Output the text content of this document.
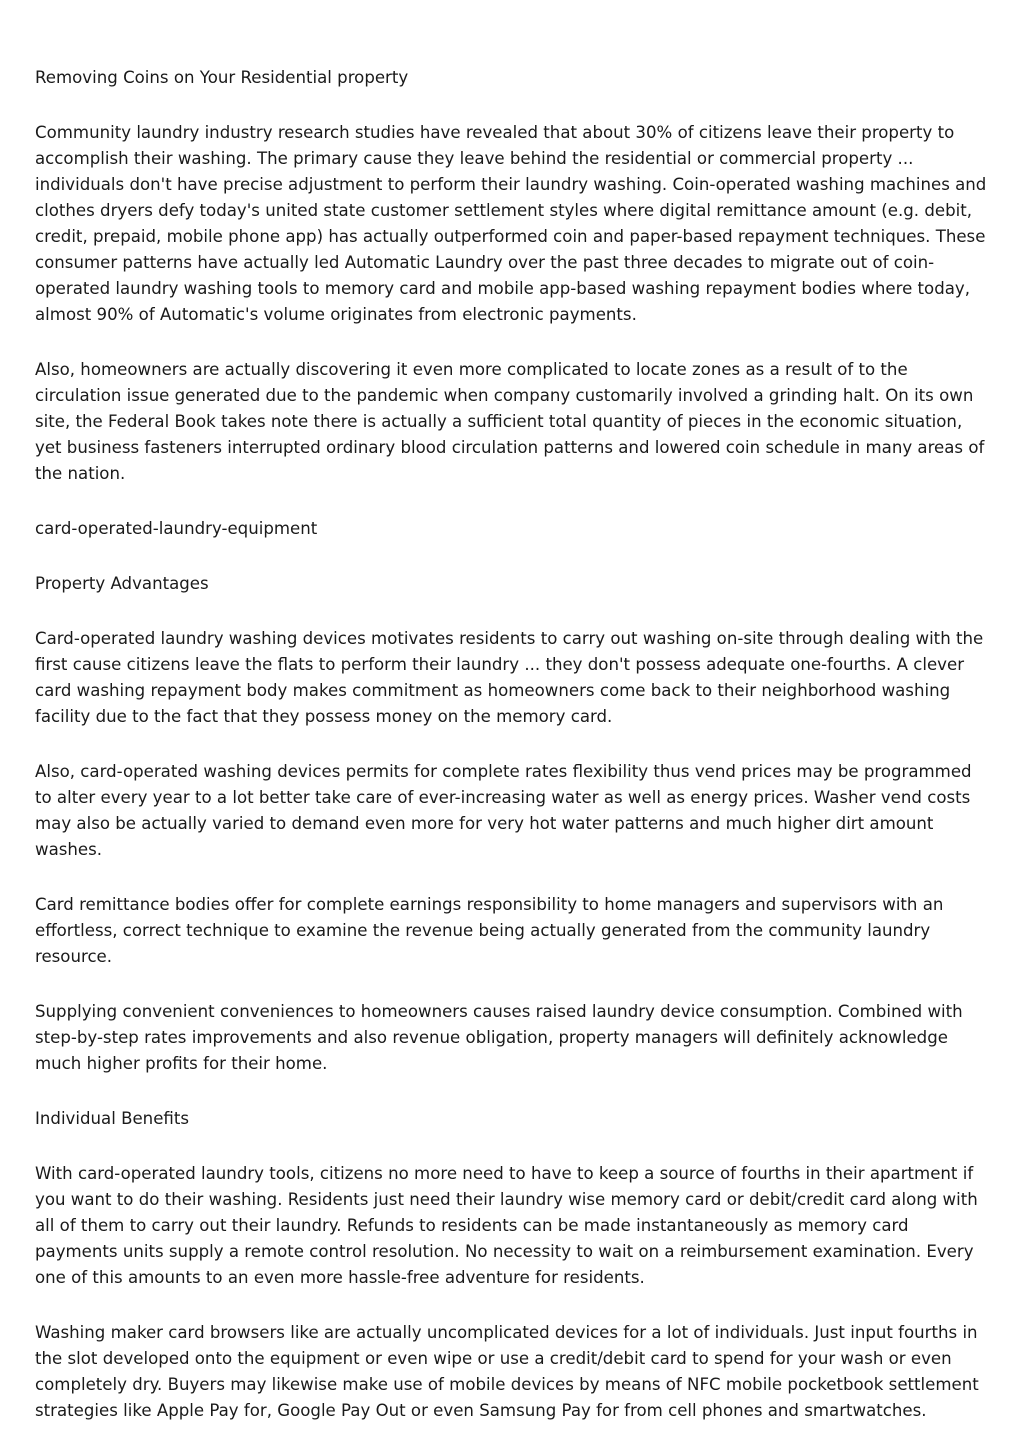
Removing Coins on Your Residential property

Community laundry industry research studies have revealed that about 30% of citizens leave their property to accomplish their washing. The primary cause they leave behind the residential or commercial property ... individuals don't have precise adjustment to perform their laundry washing. Coin-operated washing machines and clothes dryers defy today's united state customer settlement styles where digital remittance amount (e.g. debit, credit, prepaid, mobile phone app) has actually outperformed coin and paper-based repayment techniques. These consumer patterns have actually led Automatic Laundry over the past three decades to migrate out of coin-operated laundry washing tools to memory card and mobile app-based washing repayment bodies where today, almost 90% of Automatic's volume originates from electronic payments.

Also, homeowners are actually discovering it even more complicated to locate zones as a result of to the circulation issue generated due to the pandemic when company customarily involved a grinding halt. On its own site, the Federal Book takes note there is actually a sufficient total quantity of pieces in the economic situation, yet business fasteners interrupted ordinary blood circulation patterns and lowered coin schedule in many areas of the nation.

card-operated-laundry-equipment

Property Advantages

Card-operated laundry washing devices motivates residents to carry out washing on-site through dealing with the first cause citizens leave the flats to perform their laundry ... they don't possess adequate one-fourths. A clever card washing repayment body makes commitment as homeowners come back to their neighborhood washing facility due to the fact that they possess money on the memory card.

Also, card-operated washing devices permits for complete rates flexibility thus vend prices may be programmed to alter every year to a lot better take care of ever-increasing water as well as energy prices. Washer vend costs may also be actually varied to demand even more for very hot water patterns and much higher dirt amount washes.

Card remittance bodies offer for complete earnings responsibility to home managers and supervisors with an effortless, correct technique to examine the revenue being actually generated from the community laundry resource.

Supplying convenient conveniences to homeowners causes raised laundry device consumption. Combined with step-by-step rates improvements and also revenue obligation, property managers will definitely acknowledge much higher profits for their home.

Individual Benefits

With card-operated laundry tools, citizens no more need to have to keep a source of fourths in their apartment if you want to do their washing. Residents just need their laundry wise memory card or debit/credit card along with all of them to carry out their laundry. Refunds to residents can be made instantaneously as memory card payments units supply a remote control resolution. No necessity to wait on a reimbursement examination. Every one of this amounts to an even more hassle-free adventure for residents.

Washing maker card browsers like are actually uncomplicated devices for a lot of individuals. Just input fourths in the slot developed onto the equipment or even wipe or use a credit/debit card to spend for your wash or even completely dry. Buyers may likewise make use of mobile devices by means of NFC mobile pocketbook settlement strategies like Apple Pay for, Google Pay Out or even Samsung Pay for from cell phones and smartwatches.
